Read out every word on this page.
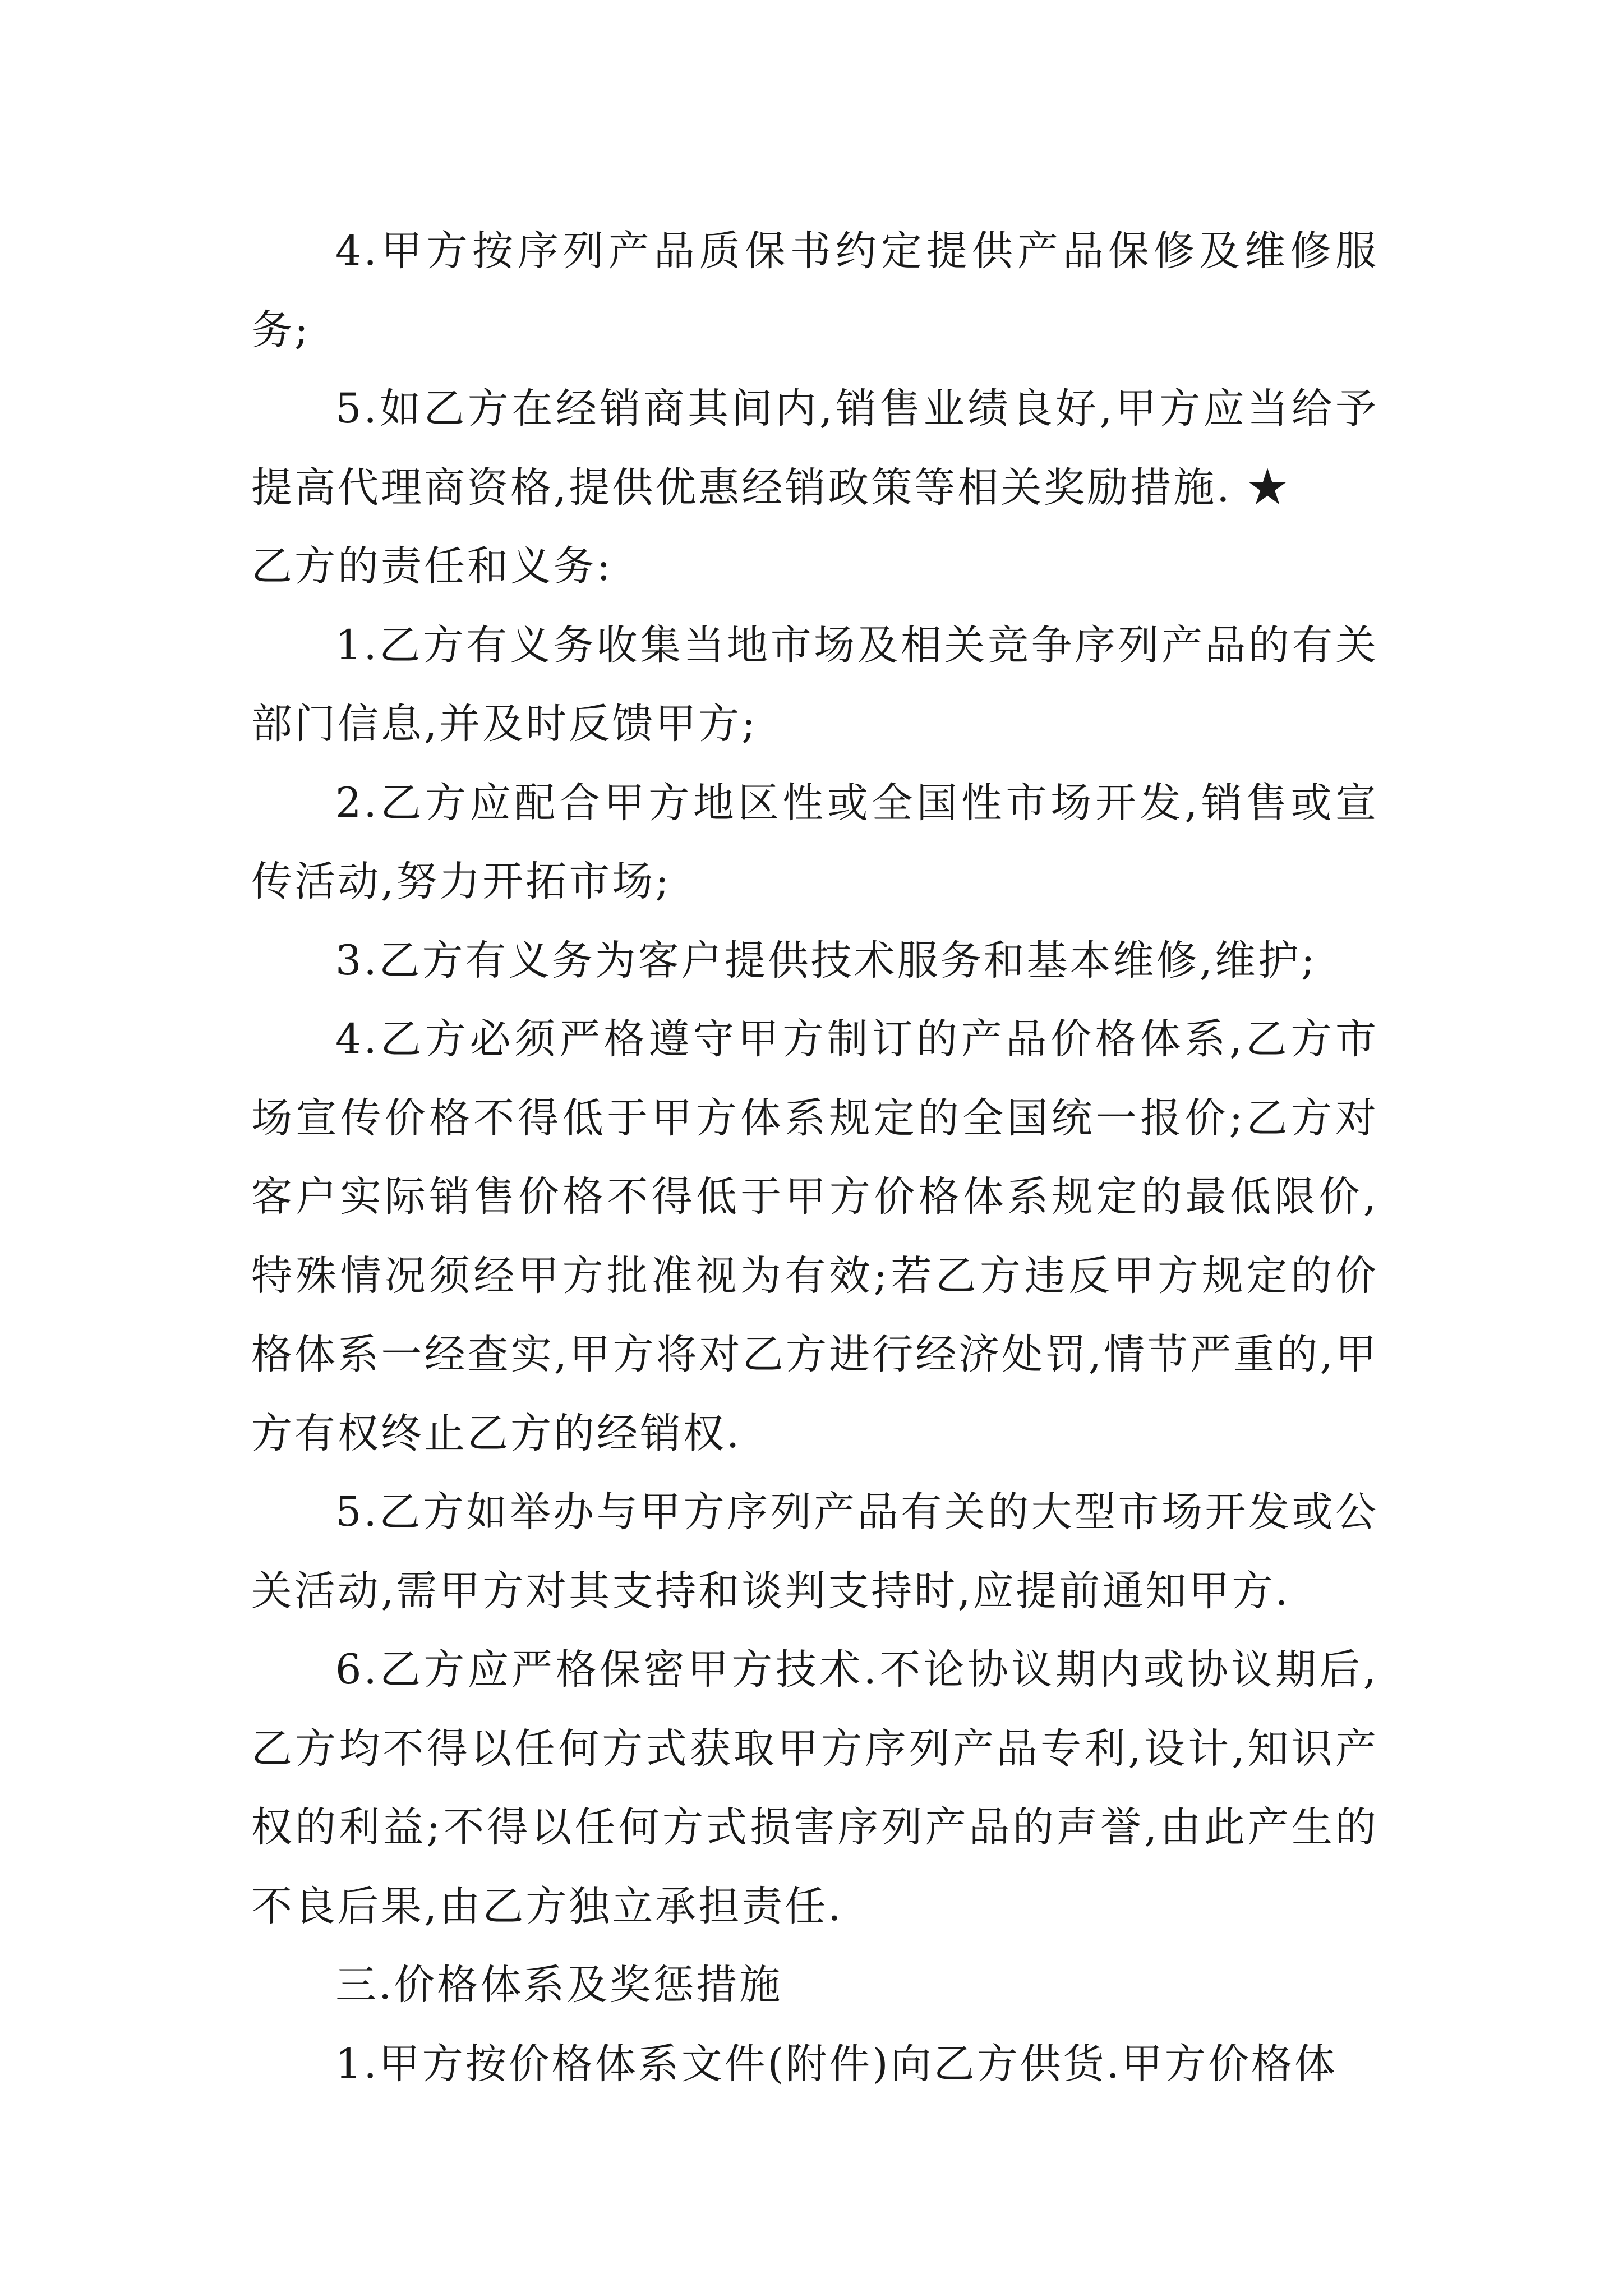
4.甲方按序列产品质保书约定提供产品保修及维修服务;

5.如乙方在经销商其间内,销售业绩良好,甲方应当给予提高代理商资格,提供优惠经销政策等相关奖励措施. ★

乙方的责任和义务:

1.乙方有义务收集当地市场及相关竞争序列产品的有关部门信息,并及时反馈甲方;

2.乙方应配合甲方地区性或全国性市场开发,销售或宣传活动,努力开拓市场;

3.乙方有义务为客户提供技术服务和基本维修,维护;

4.乙方必须严格遵守甲方制订的产品价格体系,乙方市场宣传价格不得低于甲方体系规定的全国统一报价;乙方对客户实际销售价格不得低于甲方价格体系规定的最低限价,特殊情况须经甲方批准视为有效;若乙方违反甲方规定的价格体系一经查实,甲方将对乙方进行经济处罚,情节严重的,甲方有权终止乙方的经销权.

5.乙方如举办与甲方序列产品有关的大型市场开发或公关活动,需甲方对其支持和谈判支持时,应提前通知甲方.

6.乙方应严格保密甲方技术.不论协议期内或协议期后,乙方均不得以任何方式获取甲方序列产品专利,设计,知识产权的利益;不得以任何方式损害序列产品的声誉,由此产生的不良后果,由乙方独立承担责任.

三.价格体系及奖惩措施

1.甲方按价格体系文件(附件)向乙方供货.甲方价格体
